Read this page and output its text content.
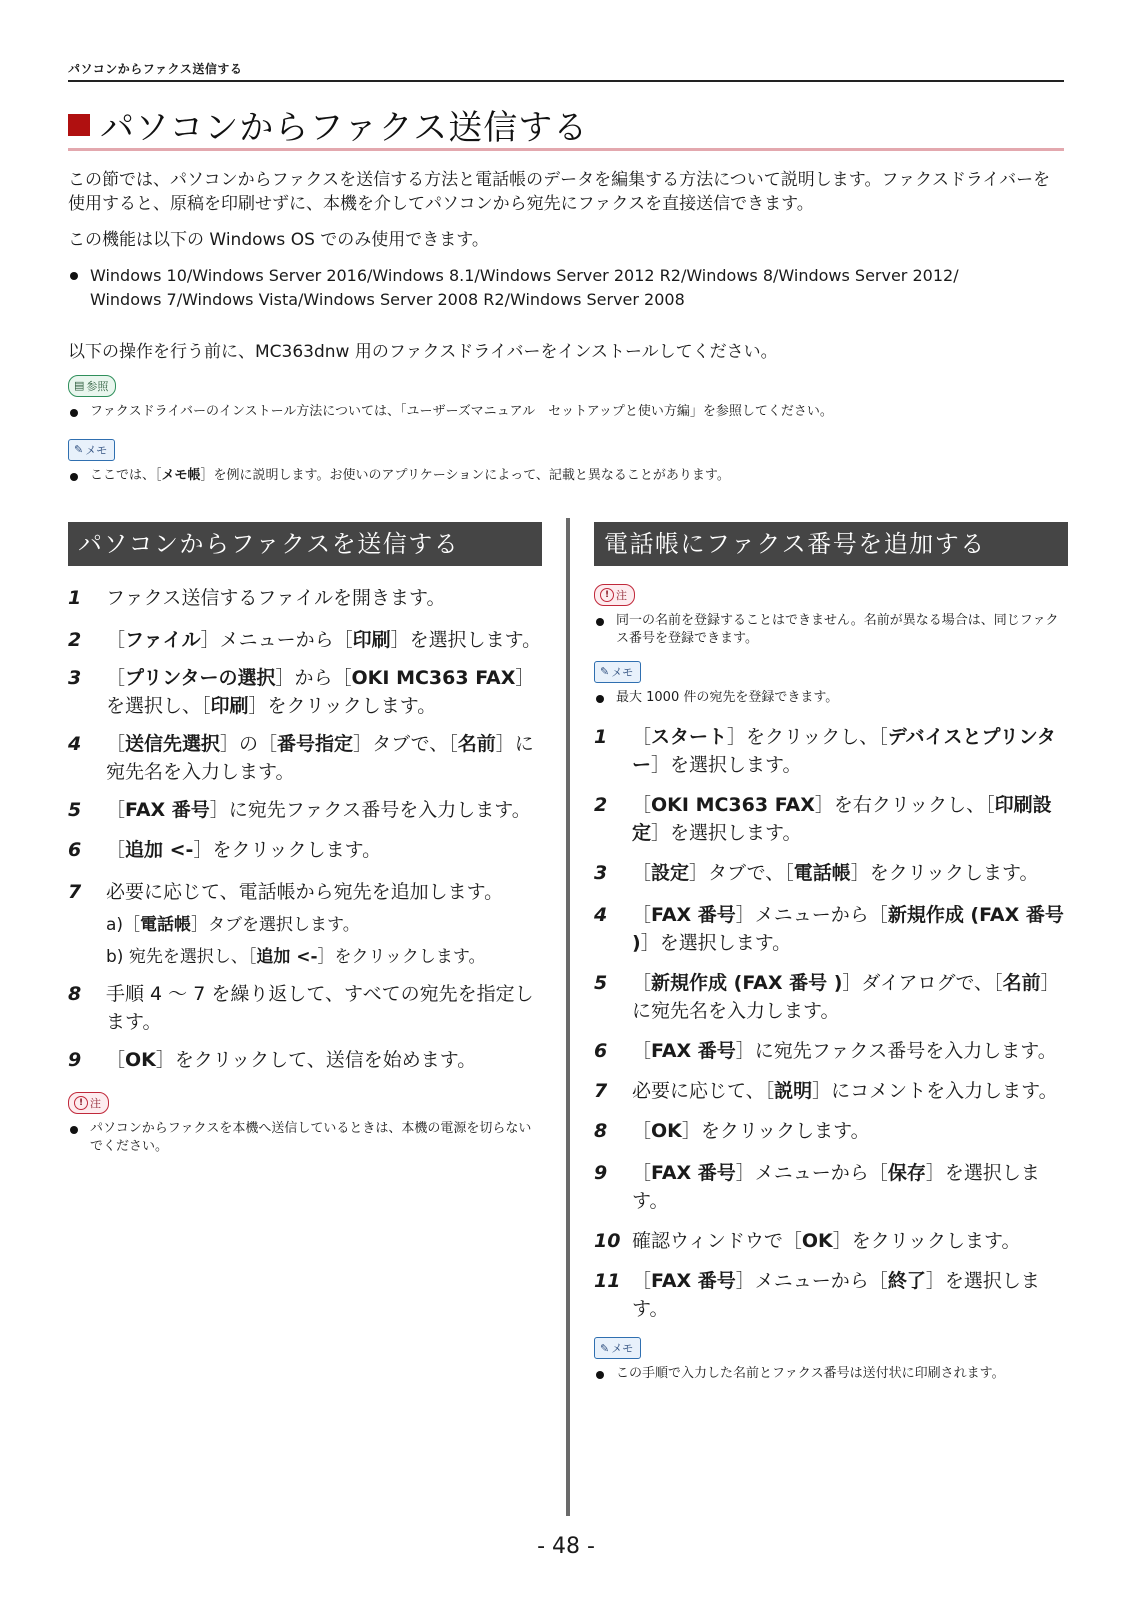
パソコンからファクス送信する
パソコンからファクス送信する

この節では、パソコンからファクスを送信する方法と電話帳のデータを編集する方法について説明します。ファクスドライバーを使用すると、原稿を印刷せずに、本機を介してパソコンから宛先にファクスを直接送信できます。

この機能は以下の Windows OS でのみ使用できます。

Windows 10/Windows Server 2016/Windows 8.1/Windows Server 2012 R2/Windows 8/Windows Server 2012/
Windows 7/Windows Vista/Windows Server 2008 R2/Windows Server 2008

以下の操作を行う前に、MC363dnw 用のファクスドライバーをインストールしてください。

▤ 参照
ファクスドライバーのインストール方法については、「ユーザーズマニュアル　セットアップと使い方編」を参照してください。
✎ メモ
ここでは、［メモ帳］を例に説明します。お使いのアプリケーションによって、記載と異なることがあります。
パソコンからファクスを送信する
1 ファクス送信するファイルを開きます。
2 ［ファイル］メニューから［印刷］を選択します。
3 ［プリンターの選択］から［OKI MC363 FAX］を選択し、［印刷］をクリックします。
4 ［送信先選択］の［番号指定］タブで、［名前］に宛先名を入力します。
5 ［FAX 番号］に宛先ファクス番号を入力します。
6 ［追加 <-］をクリックします。
7 必要に応じて、電話帳から宛先を追加します。
a)［電話帳］タブを選択します。
b) 宛先を選択し、［追加 <-］をクリックします。
8 手順 4 ～ 7 を繰り返して、すべての宛先を指定します。
9 ［OK］をクリックして、送信を始めます。
! 注
パソコンからファクスを本機へ送信しているときは、本機の電源を切らないでください。
電話帳にファクス番号を追加する
! 注
同一の名前を登録することはできません。名前が異なる場合は、同じファクス番号を登録できます。
✎ メモ
最大 1000 件の宛先を登録できます。
1 ［スタート］をクリックし、［デバイスとプリンター］を選択します。
2 ［OKI MC363 FAX］を右クリックし、［印刷設定］を選択します。
3 ［設定］タブで、［電話帳］をクリックします。
4 ［FAX 番号］メニューから［新規作成 (FAX 番号 )］を選択します。
5 ［新規作成 (FAX 番号 )］ダイアログで、［名前］に宛先名を入力します。
6 ［FAX 番号］に宛先ファクス番号を入力します。
7 必要に応じて、［説明］にコメントを入力します。
8 ［OK］をクリックします。
9 ［FAX 番号］メニューから［保存］を選択します。
10 確認ウィンドウで［OK］をクリックします。
11 ［FAX 番号］メニューから［終了］を選択します。
✎ メモ
この手順で入力した名前とファクス番号は送付状に印刷されます。
- 48 -
